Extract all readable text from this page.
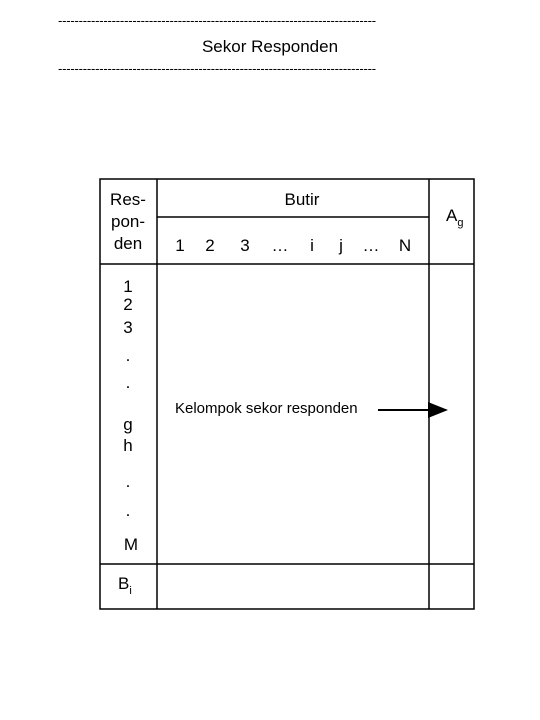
-----------------------------------------------------------------------------
Sekor Responden
-----------------------------------------------------------------------------
Res-
pon-
den
Butir
1 2 3 … i j … N
$A_g$
1
2
3
.
.
g
h
.
.
M
$B_i$
Kelompok sekor responden
